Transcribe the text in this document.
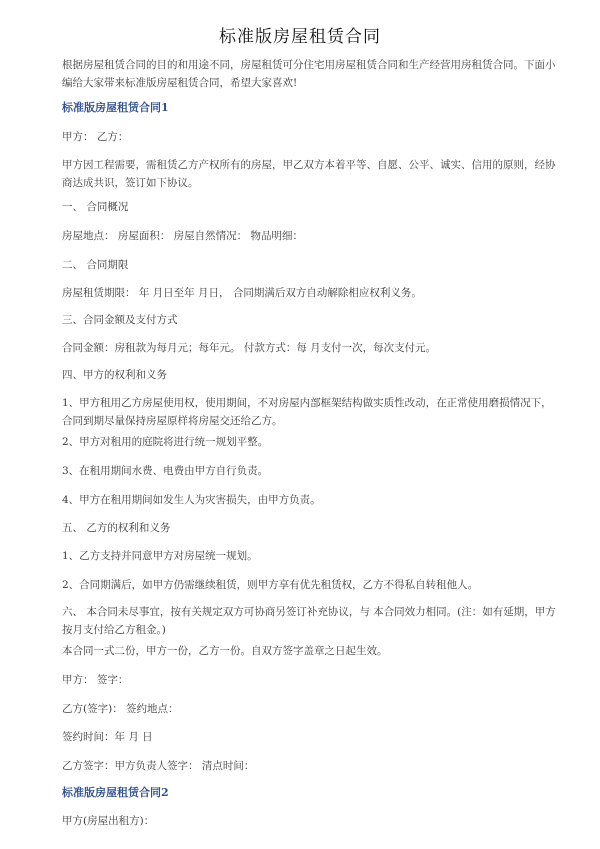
标准版房屋租赁合同
根据房屋租赁合同的目的和用途不同，房屋租赁可分住宅用房屋租赁合同和生产经营用房租赁合同。下面小编给大家带来标准版房屋租赁合同，希望大家喜欢!
标准版房屋租赁合同1
甲方： 乙方：
甲方因工程需要，需租赁乙方产权所有的房屋，甲乙双方本着平等、自愿、公平、诚实、信用的原则，经协商达成共识，签订如下协议。
一、 合同概况
房屋地点： 房屋面积： 房屋自然情况： 物品明细：
二、 合同期限
房屋租赁期限： 年 月日至年 月日， 合同期满后双方自动解除相应权利义务。
三、合同金额及支付方式
合同金额：房租款为每月元；每年元。 付款方式：每 月支付一次，每次支付元。
四、甲方的权利和义务
1、甲方租用乙方房屋使用权，使用期间，不对房屋内部框架结构做实质性改动，在正常使用磨损情况下，合同到期尽量保持房屋原样将房屋交还给乙方。
2、甲方对租用的庭院将进行统一规划平整。
3、在租用期间水费、电费由甲方自行负责。
4、甲方在租用期间如发生人为灾害损失，由甲方负责。
五、 乙方的权利和义务
1、乙方支持并同意甲方对房屋统一规划。
2、合同期满后，如甲方仍需继续租赁，则甲方享有优先租赁权，乙方不得私自转租他人。
六、 本合同未尽事宜，按有关规定双方可协商另签订补充协议，与 本合同效力相同。(注：如有延期，甲方按月支付给乙方租金。)
本合同一式二份，甲方一份，乙方一份。自双方签字盖章之日起生效。
甲方： 签字：
乙方(签字)： 签约地点：
签约时间：年 月 日
乙方签字：甲方负责人签字： 清点时间：
标准版房屋租赁合同2
甲方(房屋出租方)：
